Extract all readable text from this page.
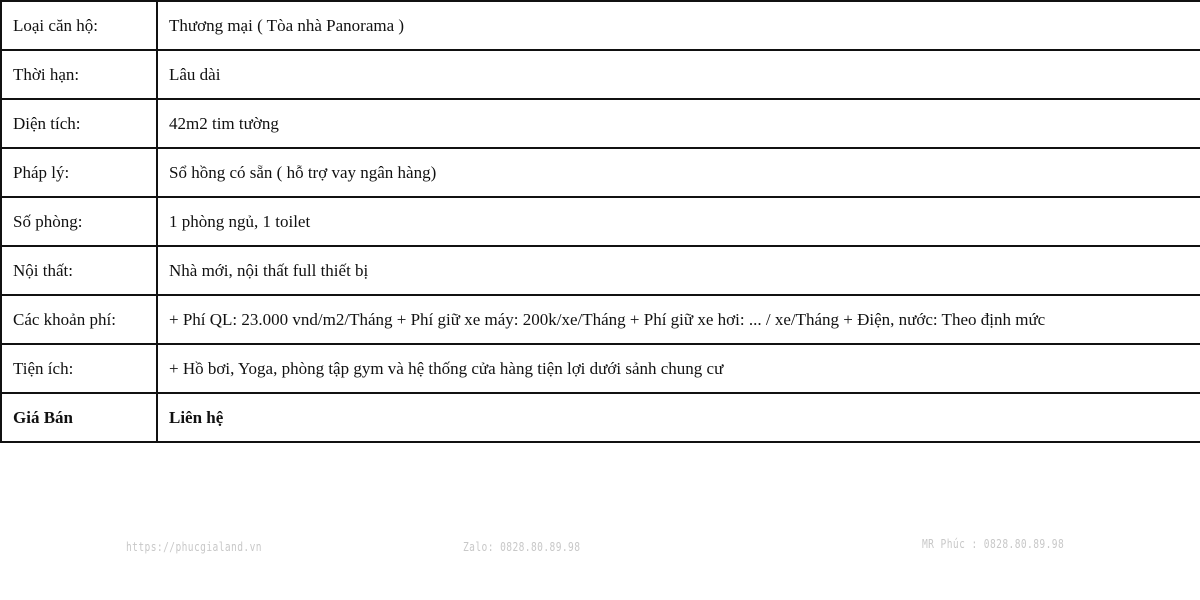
Loại căn hộ:	Thương mại ( Tòa nhà Panorama )
Thời hạn:	Lâu dài
Diện tích:	42m2 tim tường
Pháp lý:	Sổ hồng có sẵn ( hỗ trợ vay ngân hàng)
Số phòng:	1 phòng ngủ, 1 toilet
Nội thất:	Nhà mới, nội thất full thiết bị
Các khoản phí:	+ Phí QL: 23.000 vnd/m2/Tháng + Phí giữ xe máy: 200k/xe/Tháng + Phí giữ xe hơi: ... / xe/Tháng + Điện, nước: Theo định mức
Tiện ích:	+ Hồ bơi, Yoga, phòng tập gym và hệ thống cửa hàng tiện lợi dưới sảnh chung cư
Giá Bán	Liên hệ
https://phucgialand.vn	Zalo: 0828.80.89.98	MR Phúc : 0828.80.89.98
